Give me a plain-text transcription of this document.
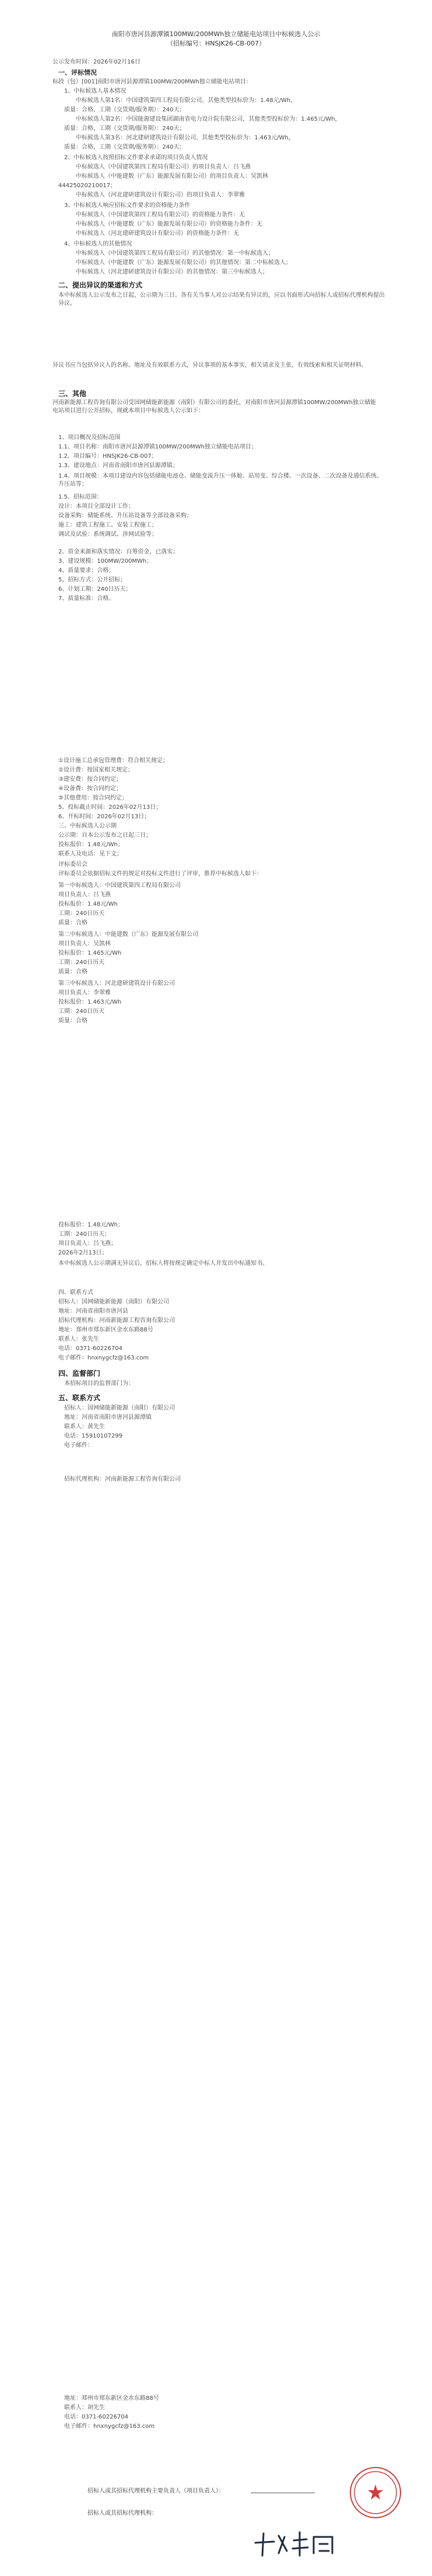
南阳市唐河县源潭镇100MW/200MWh独立储能电站项目中标候选人公示
（招标编号：HNSJK26-CB-007）
公示发布时间：2026年02月16日
一、评标情况
标段（包）[001]南阳市唐河县源潭镇100MW/200MWh独立储能电站项目：
1、中标候选人基本情况
中标候选人第1名：中国建筑第四工程局有限公司，其他类型投标价为：1.48元/Wh，
质量：合格，工期（交货期/服务期）：240天；
中标候选人第2名：中国能源建设集团湖南省电力设计院有限公司，其他类型投标价为：1.465元/Wh，
质量：合格，工期（交货期/服务期）：240天；
中标候选人第3名：河北建研建筑设计有限公司，其他类型投标价为：1.463元/Wh，
质量：合格，工期（交货期/服务期）：240天；
2、中标候选人按照招标文件要求承诺的项目负责人情况
中标候选人（中国建筑第四工程局有限公司）的项目负责人：吕飞燕
中标候选人（中能建数（广东）能源发展有限公司）的项目负责人：吴凯林
44425020210017；
中标候选人（河北建研建筑设计有限公司）的项目负责人：李翠雅
3、中标候选人响应招标文件要求的资格能力条件
中标候选人（中国建筑第四工程局有限公司）的资格能力条件：无
中标候选人（中能建数（广东）能源发展有限公司）的资格能力条件：无
中标候选人（河北建研建筑设计有限公司）的资格能力条件：无
4、中标候选人的其他情况
中标候选人（中国建筑第四工程局有限公司）的其他情况：第一中标候选人；
中标候选人（中能建数（广东）能源发展有限公司）的其他情况：第二中标候选人；
中标候选人（河北建研建筑设计有限公司）的其他情况：第三中标候选人；
二、提出异议的渠道和方式
本中标候选人公示发布之日起，公示期为三日。各有关当事人对公示结果有异议的，应以书面形式向招标人或招标代理机构提出异议。
异议书应当包括异议人的名称、地址及有效联系方式，异议事项的基本事实，相关请求及主张，有效线索和相关证明材料。
三、其他
河南新能源工程咨询有限公司受国网储能新能源（南阳）有限公司的委托，对南阳市唐河县源潭镇100MW/200MWh独立储能电站项目进行公开招标，现就本项目中标候选人公示如下：
1、项目概况及招标范围
1.1、项目名称：南阳市唐河县源潭镇100MW/200MWh独立储能电站项目；
1.2、项目编号：HNSJK26-CB-007；
1.3、建设地点：河南省南阳市唐河县源潭镇；
1.4、项目规模：本项目建设内容包括储能电池仓、储能变流升压一体舱、站用变、综合楼、一次设备、二次设备及通信系统、升压站等；
1.5、招标范围：
设计：本项目全部设计工作；
设备采购：储能系统、升压站设备等全部设备采购；
施工：建筑工程施工、安装工程施工；
调试及试验：系统调试、涉网试验等；
2、资金来源和落实情况：自筹资金，已落实；
3、建设规模：100MW/200MWh；
4、质量要求：合格；
5、招标方式：公开招标；
6、计划工期：240日历天；
7、质量标准：合格。
①设计施工总承包管理费：符合相关规定；
②设计费：按国家相关规定；
③建安费：按合同约定；
④设备费：按合同约定；
⑤其他费用：按合同约定；
5、投标截止时间：2026年02月13日；
6、开标时间：2026年02月13日；
三、中标候选人公示期
公示期：自本公示发布之日起三日；
投标报价：1.48元/Wh；
联系人及电话：见下文；
评标委员会
评标委员会依据招标文件的规定对投标文件进行了评审，推荐中标候选人如下：
第一中标候选人：中国建筑第四工程局有限公司
项目负责人：吕飞燕
投标报价：1.48元/Wh
工期：240日历天
质量：合格
第二中标候选人：中能建数（广东）能源发展有限公司
项目负责人：吴凯林
投标报价：1.465元/Wh
工期：240日历天
质量：合格
第三中标候选人：河北建研建筑设计有限公司
项目负责人：李翠雅
投标报价：1.463元/Wh
工期：240日历天
质量：合格
投标报价：1.48元/Wh；
工期：240日历天；
项目负责人：吕飞燕；
2026年2月13日；
本中标候选人公示期满无异议后，招标人将按规定确定中标人并发出中标通知书。
四、联系方式
招标人：国网储能新能源（南阳）有限公司
地址：河南省南阳市唐河县
招标代理机构：河南新能源工程咨询有限公司
地址：郑州市郑东新区金水东路88号
联系人：张先生
电话：0371-60226704
电子邮件：hnxnygcfz@163.com
四、监督部门
本招标项目的监督部门为：
五、联系方式
招标人：国网储能新能源（南阳）有限公司
地址：河南省南阳市唐河县源潭镇
联系人：黄先生
电话：15910107299
电子邮件：
招标代理机构：河南新能源工程咨询有限公司
地址：郑州市郑东新区金水东路88号
联系人：胡先生
电话：0371-60226704
电子邮件：hnxnygcfz@163.com
招标人或其招标代理机构主要负责人（项目负责人）：
招标人或其招标代理机构：
